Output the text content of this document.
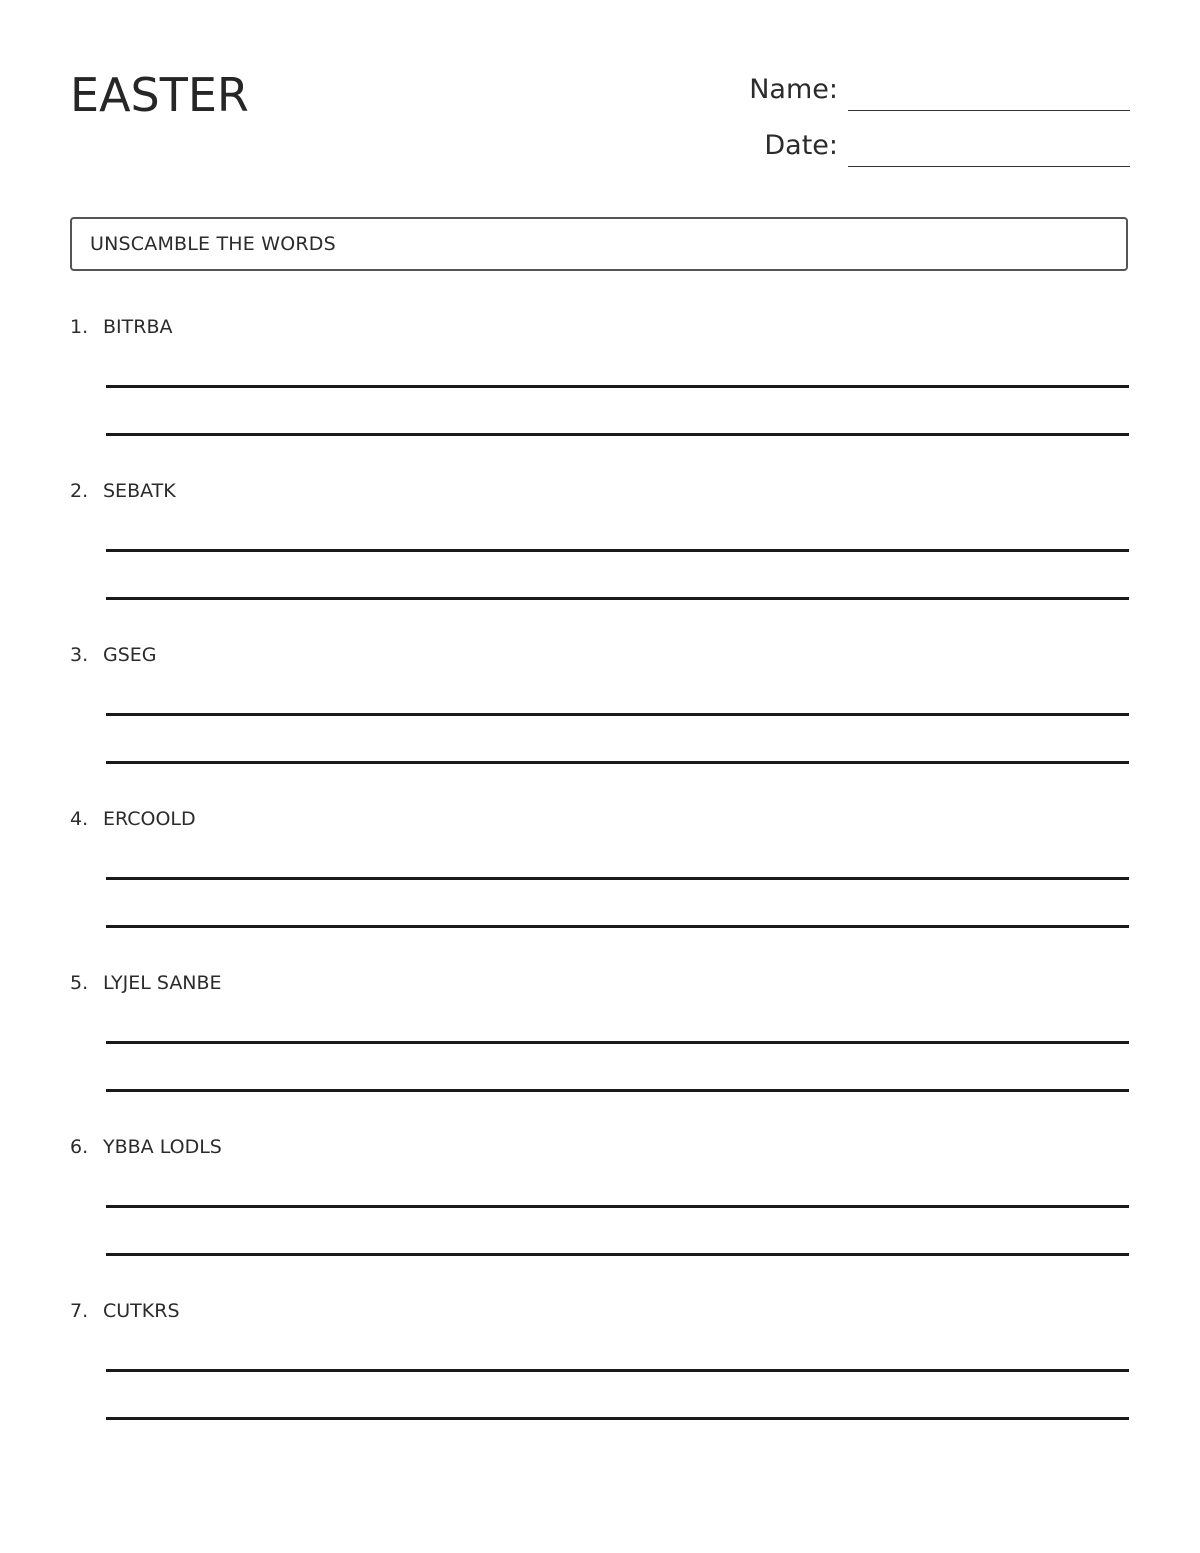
EASTER	Name:
Date:
UNSCAMBLE THE WORDS
1. BITRBA
2. SEBATK
3. GSEG
4. ERCOOLD
5. LYJEL SANBE
6. YBBA LODLS
7. CUTKRS
